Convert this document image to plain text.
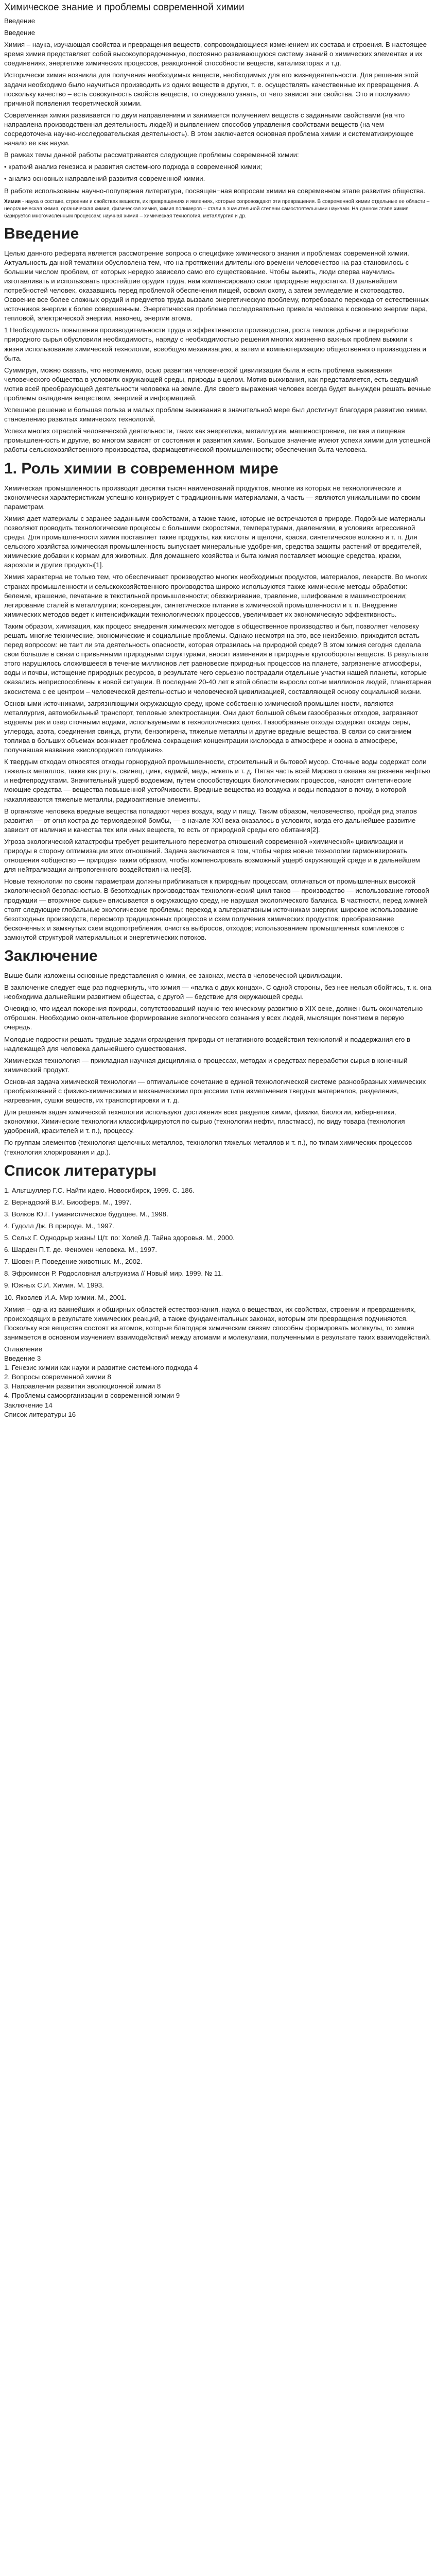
Химическое знание и проблемы современной химии

Введение

Введение

Химия – наука, изучающая свойства и превращения веществ, сопровождающиеся изменением их состава и строения. В настоящее время химия представляет собой высокоупорядоченную, постоянно развивающуюся систему знаний о химических элементах и их соединениях, энергетике химических процессов, реакционной способности веществ, катализаторах и т.д.

Исторически химия возникла для получения необходимых веществ, необходимых для его жизнедеятельности. Для решения этой задачи необходимо было научиться производить из одних веществ в других, т. е. осуществлять качественные их превращения. А поскольку качество – есть совокупность свойств веществ, то следовало узнать, от чего зависят эти свойства. Это и послужило причиной появления теоретической химии.

Современная химия развивается по двум направлениям и занимается получением веществ с заданными свойствами (на что направлена производственная деятельность людей) и выявлением способов управления свойствами веществ (на чем сосредоточена научно-исследовательская деятельность). В этом заключается основная проблема химии и систематизирующее начало ее как науки.

В рамках темы данной работы рассматривается следующие проблемы современной химии:

• краткий анализ генезиса и развития системного подхода в современной химии;

• анализ основных направлений развития современной химии.

В работе использованы научно-популярная литература, посвящен¬ная вопросам химии на современном этапе развития общества.

Химия - наука о составе, строении и свойствах веществ, их превращениях и явлениях, которые сопровождают эти превращения. В современной химии отдельные ее области – неорганическая химия, органическая химия, физическая химия, химия полимеров – стали в значительной степени самостоятельными науками. На данном этапе химия базируется многочисленным процессам: научная химия – химическая технология, металлургия и др.

Введение

Целью данного реферата является рассмотрение вопроса о специфике химического знания и проблемах современной химии. Актуальность данной тематики обусловлена тем, что на протяжении длительного времени человечество на раз становилось с большим числом проблем, от которых нередко зависело само его существование. Чтобы выжить, люди сперва научились изготавливать и использовать простейшие орудия труда, нам компенсировало свои природные недостатки. В дальнейшем потребностей человек, оказавшись перед проблемой обеспечения пищей, освоил охоту, а затем земледелие и скотоводство. Освоение все более сложных орудий и предметов труда вызвало энергетическую проблему, потребовало перехода от естественных источников энергии к более совершенным. Энергетическая проблема последовательно привела человека к освоению энергии пара, тепловой, электрической энергии, наконец, энергии атома.

1 Необходимость повышения производительности труда и эффективности производства, роста темпов добычи и переработки природного сырья обусловили необходимость, наряду с необходимостью решения многих жизненно важных проблем выжили к жизни использование химической технологии, всеобщую механизацию, а затем и компьютеризацию общественного производства и быта.

Суммируя, можно сказать, что неотменимо, осью развития человеческой цивилизации была и есть проблема выживания человеческого общества в условиях окружающей среды, природы в целом. Мотив выживания, как представляется, есть ведущий мотив всей преобразующей деятельности человека на земле. Для своего выражения человек всегда будет вынужден решать вечные проблемы овладения веществом, энергией и информацией.

Успешное решение и большая польза и малых проблем выживания в значительной мере был достигнут благодаря развитию химии, становлению развитых химических технологий.

Успехи многих отраслей человеческой деятельности, таких как энергетика, металлургия, машиностроение, легкая и пищевая промышленность и другие, во многом зависят от состояния и развития химии. Большое значение имеют успехи химии для успешной работы сельскохозяйственного производства, фармацевтической промышленности; обеспечения быта человека.

1. Роль химии в современном мире

Химическая промышленность производит десятки тысяч наименований продуктов, многие из которых не технологические и экономически характеристикам успешно конкурирует с традиционными материалами, а часть — являются уникальными по своим параметрам.

Химия дает материалы с заранее заданными свойствами, а также такие, которые не встречаются в природе. Подобные материалы позволяют проводить технологические процессы с большими скоростями, температурами, давлениями, в условиях агрессивной среды. Для промышленности химия поставляет такие продукты, как кислоты и щелочи, краски, синтетическое волокно и т. п. Для сельского хозяйства химическая промышленность выпускает минеральные удобрения, средства защиты растений от вредителей, химические добавки к кормам для животных. Для домашнего хозяйства и быта химия поставляет моющие средства, краски, аэрозоли и другие продукты[1].

Химия характерна не только тем, что обеспечивает производство многих необходимых продуктов, материалов, лекарств. Во многих странах промышленности и сельскохозяйственного производства широко используются также химические методы обработки: беление, крашение, печатание в текстильной промышленности; обезжиривание, травление, шлифование в машиностроении; легирование сталей в металлургии; консервация, синтетическое питание в химической промышленности и т. п. Внедрение химических методов ведет к интенсификации технологических процессов, увеличивает их экономическую эффективность.

Таким образом, химизация, как процесс внедрения химических методов в общественное производство и быт, позволяет человеку решать многие технические, экономические и социальные проблемы. Однако несмотря на это, все неизбежно, приходится встать перед вопросом: не таит ли эта деятельность опасности, которая отразилась на природной среде? В этом химия сегодня сделала свои большие в связи с привычными природными структурами, вносит изменения в природные кругообороты веществ. В результате этого нарушилось сложившееся в течение миллионов лет равновесие природных процессов на планете, загрязнение атмосферы, воды и почвы, истощение природных ресурсов, в результате чего серьезно пострадали отдельные участки нашей планеты, которые оказались неприспособлены к новой ситуации. В последние 20-40 лет в этой области выросли сотни миллионов людей, планетарная экосистема с ее центром – человеческой деятельностью и человеческой цивилизацией, составляющей основу социальной жизни.

Основными источниками, загрязняющими окружающую среду, кроме собственно химической промышленности, являются металлургия, автомобильный транспорт, тепловые электростанции. Они дают большой объем газообразных отходов, загрязняют водоемы рек и озер сточными водами, используемыми в технологических целях. Газообразные отходы содержат оксиды серы, углерода, азота, соединения свинца, ртути, бензопирена, тяжелые металлы и другие вредные вещества. В связи со сжиганием топлива в больших объемах возникает проблема сокращения концентрации кислорода в атмосфере и озона в атмосфере, получившая название «кислородного голодания».

К твердым отходам относятся отходы горнорудной промышленности, строительный и бытовой мусор. Сточные воды содержат соли тяжелых металлов, такие как ртуть, свинец, цинк, кадмий, медь, никель и т. д. Пятая часть всей Мирового океана загрязнена нефтью и нефтепродуктами. Значительный ущерб водоемам, путем способствующих биологических процессов, наносят синтетические моющие средства — вещества повышенной устойчивости. Вредные вещества из воздуха и воды попадают в почву, в которой накапливаются тяжелые металлы, радиоактивные элементы.

В организме человека вредные вещества попадают через воздух, воду и пищу. Таким образом, человечество, пройдя ряд этапов развития — от огня костра до термоядерной бомбы, — в начале XXI века оказалось в условиях, когда его дальнейшее развитие зависит от наличия и качества тех или иных веществ, то есть от природной среды его обитания[2].

Угроза экологической катастрофы требует решительного пересмотра отношений современной «химической» цивилизации и природы в сторону оптимизации этих отношений. Задача заключается в том, чтобы через новые технологии гармонизировать отношения «общество — природа» таким образом, чтобы компенсировать возможный ущерб окружающей среде и в дальнейшем для нейтрализации антропогенного воздействия на нее[3].

Новые технологии по своим параметрам должны приближаться к природным процессам, отличаться от промышленных высокой экологической безопасностью. В безотходных производствах технологический цикл таков — производство — использование готовой продукции — вторичное сырье» вписывается в окружающую среду, не нарушая экологического баланса. В частности, перед химией стоят следующие глобальные экологические проблемы: переход к альтернативным источникам энергии; широкое использование безотходных производств, пересмотр традиционных процессов и схем получения химических продуктов; преобразование бесконечных и замкнутых схем водопотребления, очистка выбросов, отходов; использованием промышленных комплексов с замкнутой структурой материальных и энергетических потоков.

Заключение

Выше были изложены основные представления о химии, ее законах, места в человеческой цивилизации.

В заключение следует еще раз подчеркнуть, что химия — «палка о двух концах». С одной стороны, без нее нельзя обойтись, т. к. она необходима дальнейшим развитием общества, с другой — бедствие для окружающей среды.

Очевидно, что идеал покорения природы, сопутствовавший научно-техническому развитию в XIX веке, должен быть окончательно отброшен. Необходимо окончательное формирование экологического сознания у всех людей, мыслящих понятием в первую очередь.

Молодые подростки решать трудные задачи ограждения природы от негативного воздействия технологий и поддержания его в надлежащей для человека дальнейшего существования.

Химическая технология — прикладная научная дисциплина о процессах, методах и средствах переработки сырья в конечный химический продукт.

Основная задача химической технологии — оптимальное сочетание в единой технологической системе разнообразных химических преобразований с физико-химическими и механическими процессами типа измельчения твердых материалов, разделения, нагревания, сушки веществ, их транспортировки и т. д.

Для решения задач химической технологии используют достижения всех разделов химии, физики, биологии, кибернетики, экономики. Химические технологии классифицируются по сырью (технологии нефти, пластмасс), по виду товара (технология удобрений, красителей и т. п.), процессу.

По группам элементов (технология щелочных металлов, технология тяжелых металлов и т. п.), по типам химических процессов (технология хлорирования и др.).

Список литературы

1. Альтшуллер Г.С. Найти идею. Новосибирск, 1999. С. 186.

2. Вернадский В.И. Биосфера. М., 1997.

3. Волков Ю.Г. Гуманистическое будущее. М., 1998.

4. Гудолл Дж. В природе. М., 1997.

5. Сельх Г. Однодрыр жизнь! Ц/т. по: Холей Д. Тайна здоровья. М., 2000.

6. Шарден П.Т. де. Феномен человека. М., 1997.

7. Шовен Р. Поведение животных. М., 2002.

8. Эфроимсон Р. Родословная альтруизма // Новый мир. 1999. № 11.

9. Южных С.И. Химия. М. 1993.

10. Яковлев И.А. Мир химии. М., 2001.

Химия – одна из важнейших и обширных областей естествознания, наука о веществах, их свойствах, строении и превращениях, происходящих в результате химических реакций, а также фундаментальных законах, которым эти превращения подчиняются. Поскольку все вещества состоят из атомов, которые благодаря химическим связям способны формировать молекулы, то химия занимается в основном изучением взаимодействий между атомами и молекулами, полученными в результате таких взаимодействий.

Оглавление

Введение 3

1. Генезис химии как науки и развитие системного подхода 4

2. Вопросы современной химии 8

3. Направления развития эволюционной химии 8

4. Проблемы самоорганизации в современной химии 9

Заключение 14

Список литературы 16
